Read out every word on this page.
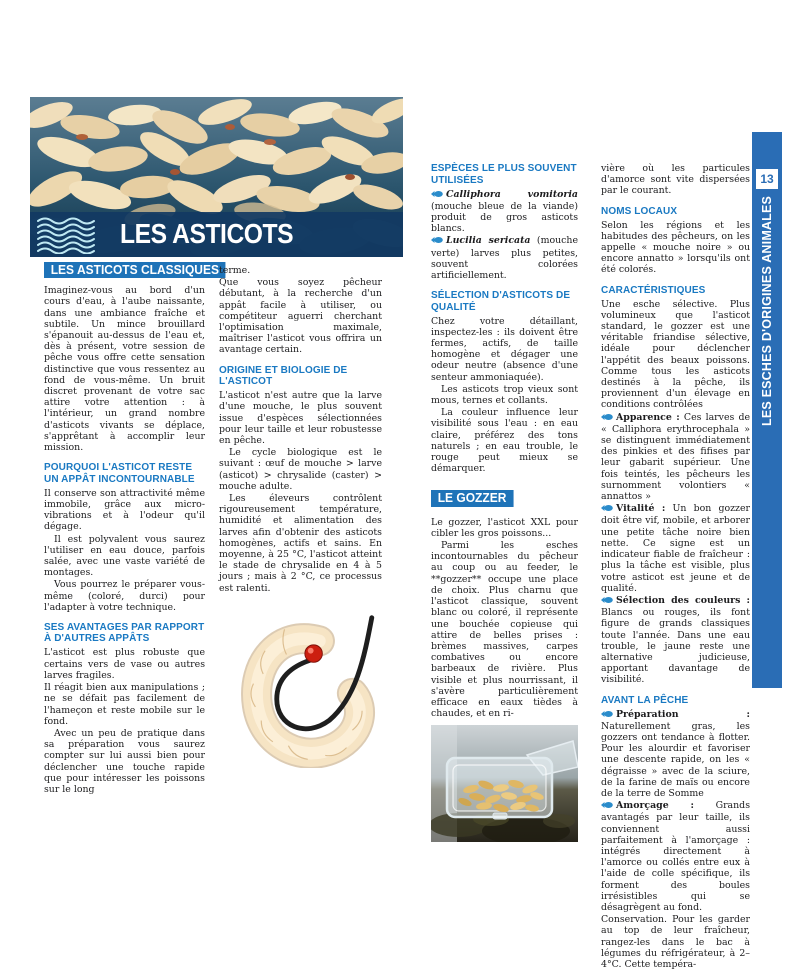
LES ASTICOTS
LES ASTICOTS CLASSIQUES

Imaginez-vous au bord d'un cours d'eau, à l'aube naissante, dans une ambiance fraîche et subtile. Un mince brouillard s'épanouit au-dessus de l'eau et, dès à présent, votre session de pêche vous offre cette sensation distinctive que vous ressentez au fond de vous-même. Un bruit discret provenant de votre sac attire votre attention : à l'intérieur, un grand nombre d'asticots vivants se déplace, s'apprêtant à accomplir leur mission.

POURQUOI L'ASTICOT RESTE UN APPÂT INCONTOURNABLE

Il conserve son attractivité même immobile, grâce aux micro-vibrations et à l'odeur qu'il dégage.

Il est polyvalent vous saurez l'utiliser en eau douce, parfois salée, avec une vaste variété de montages.

Vous pourrez le préparer vous-même (coloré, durci) pour l'adapter à votre technique.

SES AVANTAGES PAR RAPPORT À D'AUTRES APPÂTS

L'asticot est plus robuste que certains vers de vase ou autres larves fragiles.

Il réagit bien aux manipulations ; ne se défait pas facilement de l'hameçon et reste mobile sur le fond.

Avec un peu de pratique dans sa préparation vous saurez compter sur lui aussi bien pour déclencher une touche rapide que pour intéresser les poissons sur le long

terme.

Que vous soyez pêcheur débutant, à la recherche d'un appât facile à utiliser, ou compétiteur aguerri cherchant l'optimisation maximale, maîtriser l'asticot vous offrira un avantage certain.

ORIGINE ET BIOLOGIE DE L'ASTICOT

L'asticot n'est autre que la larve d'une mouche, le plus souvent issue d'espèces sélectionnées pour leur taille et leur robustesse en pêche.

Le cycle biologique est le suivant : œuf de mouche > larve (asticot) > chrysalide (caster) > mouche adulte.

Les éleveurs contrôlent rigoureusement température, humidité et alimentation des larves afin d'obtenir des asticots homogènes, actifs et sains. En moyenne, à 25 °C, l'asticot atteint le stade de chrysalide en 4 à 5 jours ; mais à 2 °C, ce processus est ralenti.

ESPÈCES LE PLUS SOUVENT UTILISÉES

Calliphora vomitoria (mouche bleue de la viande) produit de gros asticots blancs.

Lucilia sericata (mouche verte) larves plus petites, souvent colorées artificiellement.

SÉLECTION D'ASTICOTS DE QUALITÉ

Chez votre détaillant, inspectez-les : ils doivent être fermes, actifs, de taille homogène et dégager une odeur neutre (absence d'une senteur ammoniaquée).

Les asticots trop vieux sont mous, ternes et collants.

La couleur influence leur visibilité sous l'eau : en eau claire, préférez des tons naturels ; en eau trouble, le rouge peut mieux se démarquer.

LE GOZZER

Le gozzer, l'asticot XXL pour cibler les gros poissons...

Parmi les esches incontournables du pêcheur au coup ou au feeder, le **gozzer** occupe une place de choix. Plus charnu que l'asticot classique, souvent blanc ou coloré, il représente une bouchée copieuse qui attire de belles prises : brèmes massives, carpes combatives ou encore barbeaux de rivière. Plus visible et plus nourrissant, il s'avère particulièrement efficace en eaux tièdes à chaudes, et en ri-

vière où les particules d'amorce sont vite dispersées par le courant.

NOMS LOCAUX

Selon les régions et les habitudes des pêcheurs, on les appelle « mouche noire » ou encore annatto » lorsqu'ils ont été colorés.

CARACTÉRISTIQUES

Une esche sélective. Plus volumineux que l'asticot standard, le gozzer est une véritable friandise sélective, idéale pour déclencher l'appétit des beaux poissons. Comme tous les asticots destinés à la pêche, ils proviennent d'un élevage en conditions contrôlées

Apparence : Ces larves de « Calliphora erythrocephala » se distinguent immédiatement des pinkies et des fifises par leur gabarit supérieur. Une fois teintés, les pêcheurs les surnomment volontiers « annattos »

Vitalité : Un bon gozzer doit être vif, mobile, et arborer une petite tâche noire bien nette. Ce signe est un indicateur fiable de fraîcheur : plus la tâche est visible, plus votre asticot est jeune et de qualité.

Sélection des couleurs : Blancs ou rouges, ils font figure de grands classiques toute l'année. Dans une eau trouble, le jaune reste une alternative judicieuse, apportant davantage de visibilité.

AVANT LA PÊCHE

Préparation : Naturellement gras, les gozzers ont tendance à flotter. Pour les alourdir et favoriser une descente rapide, on les « dégraisse » avec de la sciure, de la farine de maïs ou encore de la terre de Somme

Amorçage : Grands avantagés par leur taille, ils conviennent aussi parfaitement à l'amorçage : intégrés directement à l'amorce ou collés entre eux à l'aide de colle spécifique, ils forment des boules irrésistibles qui se désagrègent au fond.

Conservation. Pour les garder au top de leur fraîcheur, rangez-les dans le bac à légumes du réfrigérateur, à 2–4°C. Cette tempéra-

13
LES ESCHES D'ORIGINES ANIMALES
